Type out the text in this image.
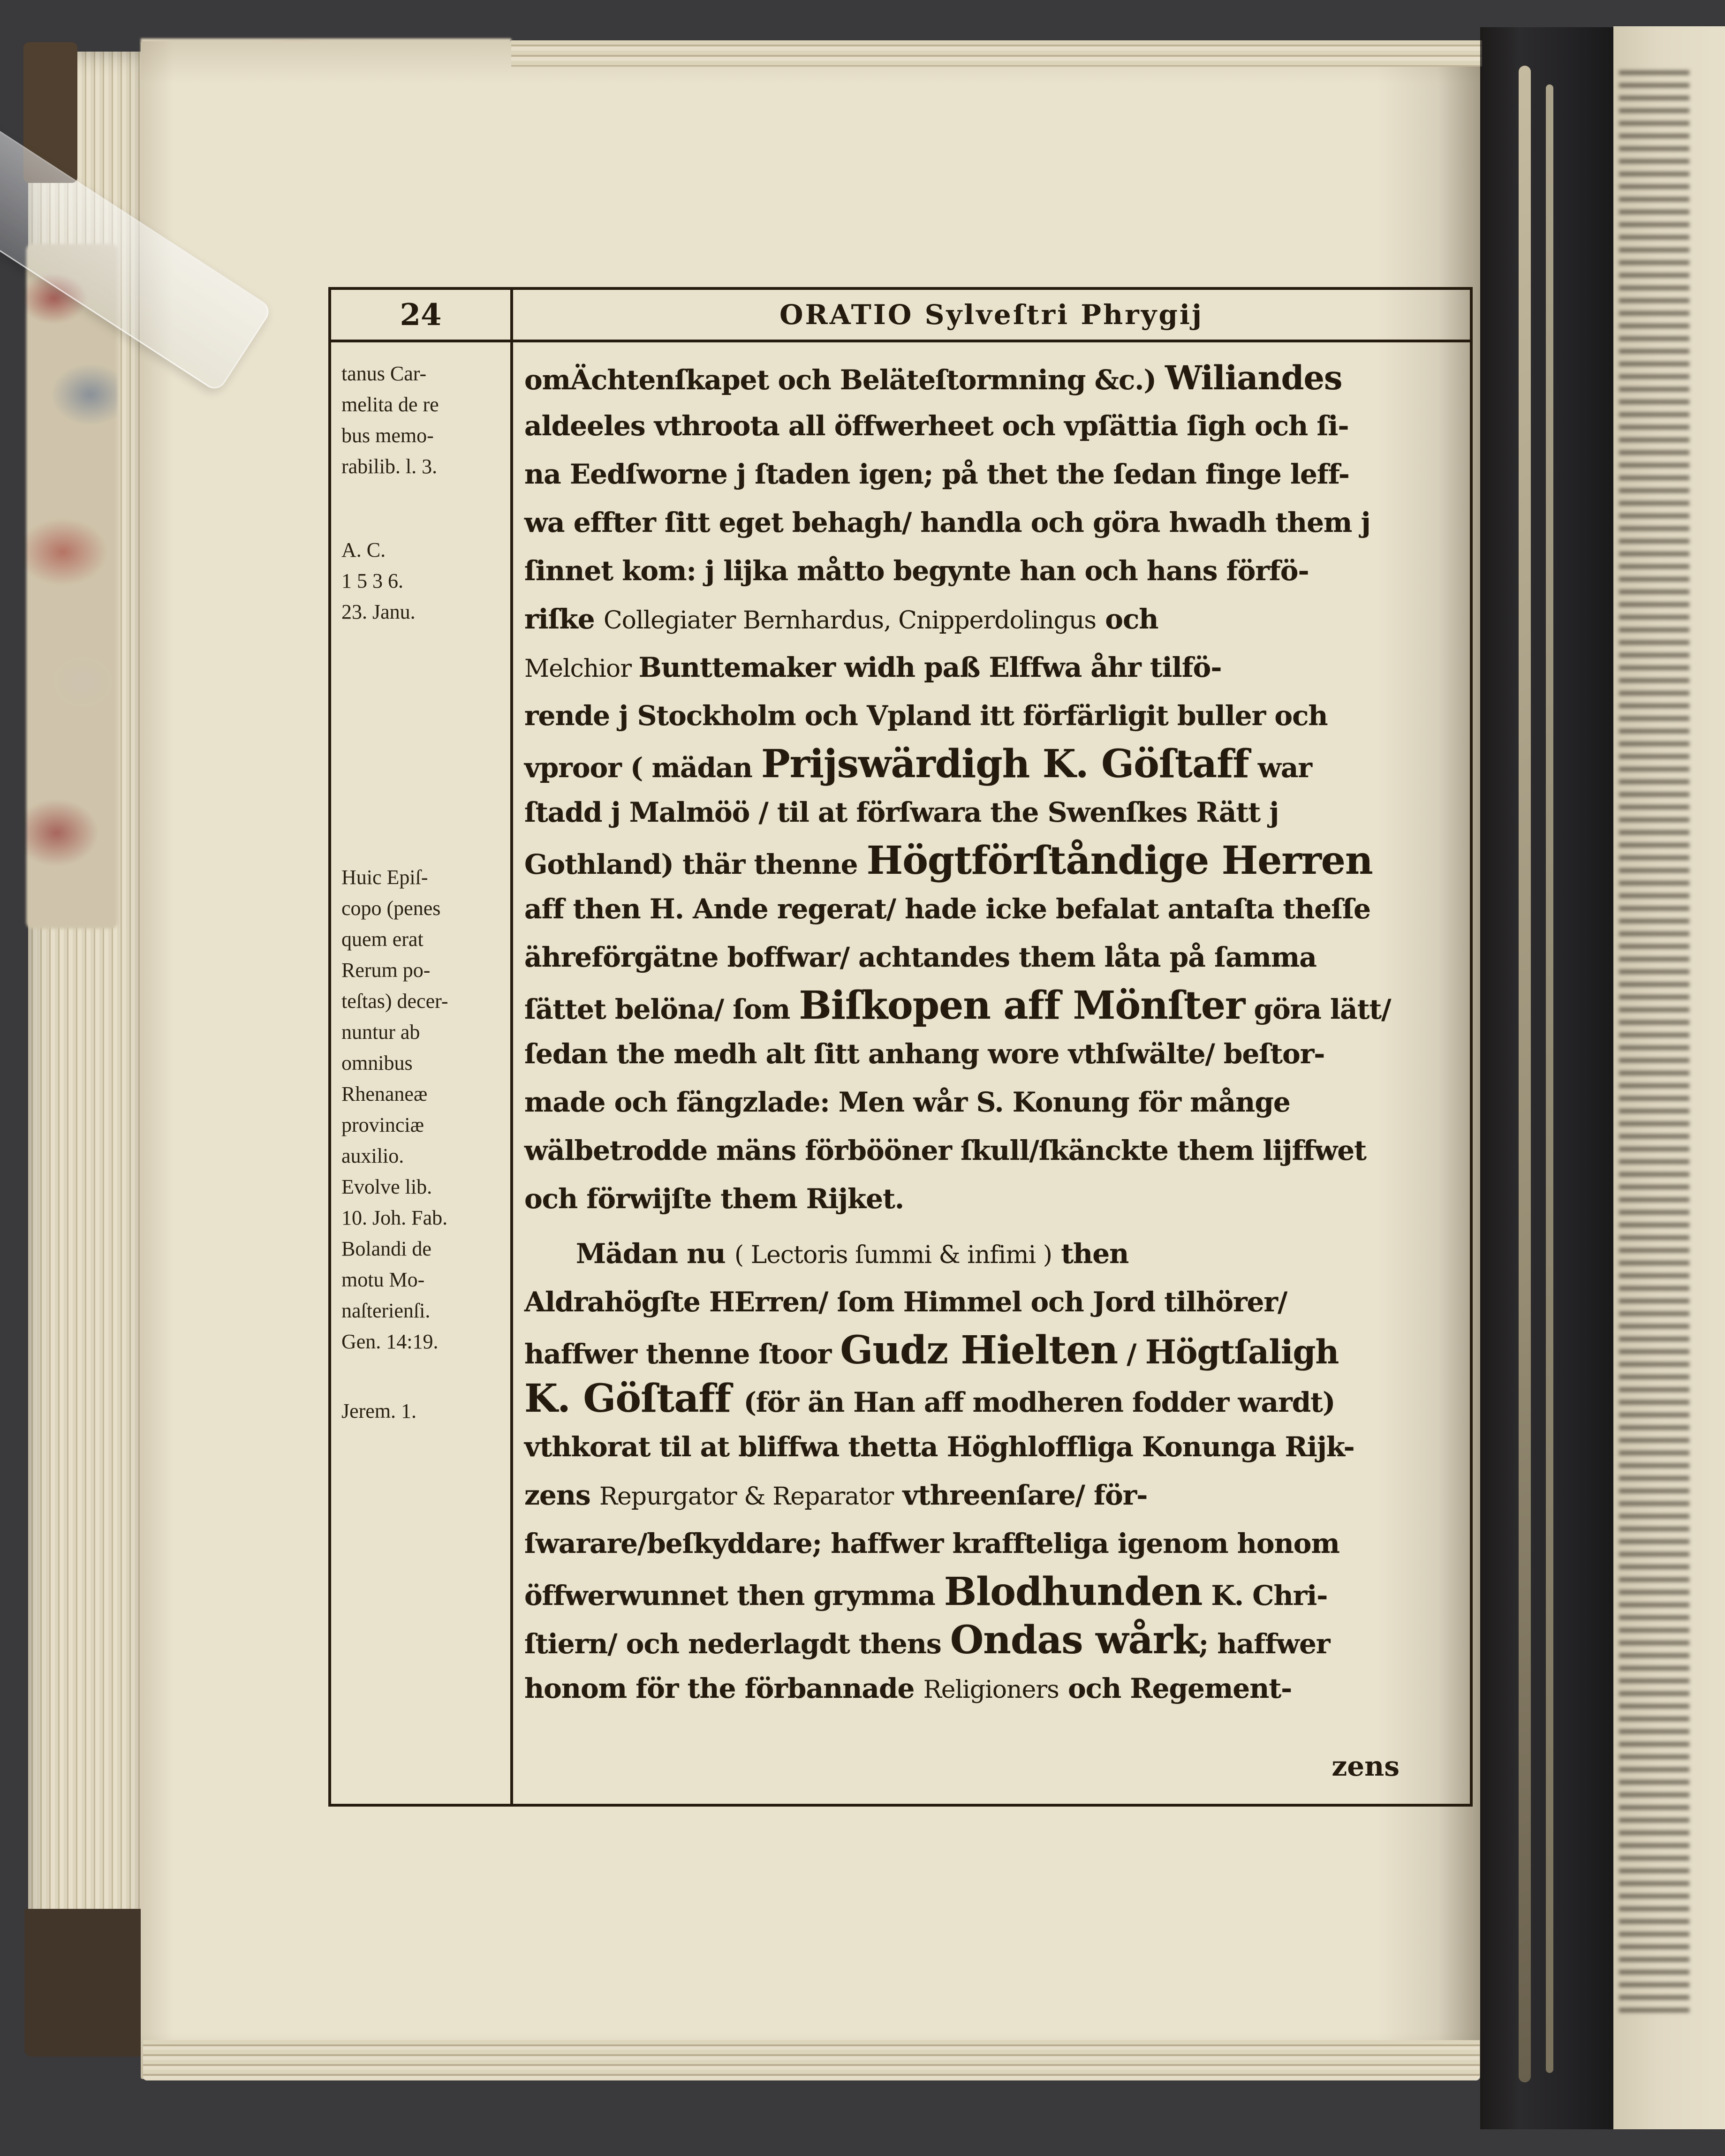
24
tanus Car-
melita de re
bus memo-
rabilib. l. 3.
A. C.
1 5 3 6.
23. Janu.
Huic Epiſ-
copo (penes
quem erat
Rerum po-
teſtas) decer-
nuntur ab
omnibus
Rhenaneæ
provinciæ
auxilio.
Evolve lib.
10. Joh. Fab.
Bolandi de
motu Mo-
naſterienſi.
Gen. 14:19.
Jerem. 1.
ORATIO Sylveſtri Phrygij
omÄchtenſkapet och Beläteſtormning &c.) Wiliandes
aldeeles vthroota all öffwerheet och vpſättia ſigh och ſi-
na Eedſworne j ſtaden igen; på thet the ſedan finge leff-
wa effter ſitt eget behagh/ handla och göra hwadh them j
ſinnet kom: j lijka måtto begynte han och hans förfö-
riſke Collegiater Bernhardus, Cnipperdolingus och
Melchior Bunttemaker widh paß Elffwa åhr tilfö-
rende j Stockholm och Vpland itt förfärligit buller och
vproor ( mädan Prijswärdigh K. Göſtaff war
ſtadd j Malmöö / til at förſwara the Swenſkes Rätt j
Gothland) thär thenne Högtförſtåndige Herren
aff then H. Ande regerat/ hade icke befalat antaſta theſſe
ähreförgätne boffwar/ achtandes them låta på ſamma
ſättet belöna/ ſom Biſkopen aff Mönſter göra lätt/
ſedan the medh alt ſitt anhang wore vthſwälte/ beſtor-
made och fängzlade: Men wår S. Konung för månge
wälbetrodde mäns förbööner ſkull/ſkänckte them lijffwet
och förwijſte them Rijket.
Mädan nu ( Lectoris ſummi & infimi ) then
Aldrahögſte HErren/ ſom Himmel och Jord tilhörer/
haffwer thenne ſtoor Gudz Hielten / Högtſaligh
K. Göſtaff (för än Han aff modheren fodder wardt)
vthkorat til at bliffwa thetta Höghloffliga Konunga Rijk-
zens Repurgator & Reparator vthreenſare/ för-
ſwarare/beſkyddare; haffwer kraffteliga igenom honom
öffwerwunnet then grymma Blodhunden K. Chri-
ſtiern/ och nederlagdt thens Ondas wårk; haffwer
honom för the förbannade Religioners och Regement-
zens
